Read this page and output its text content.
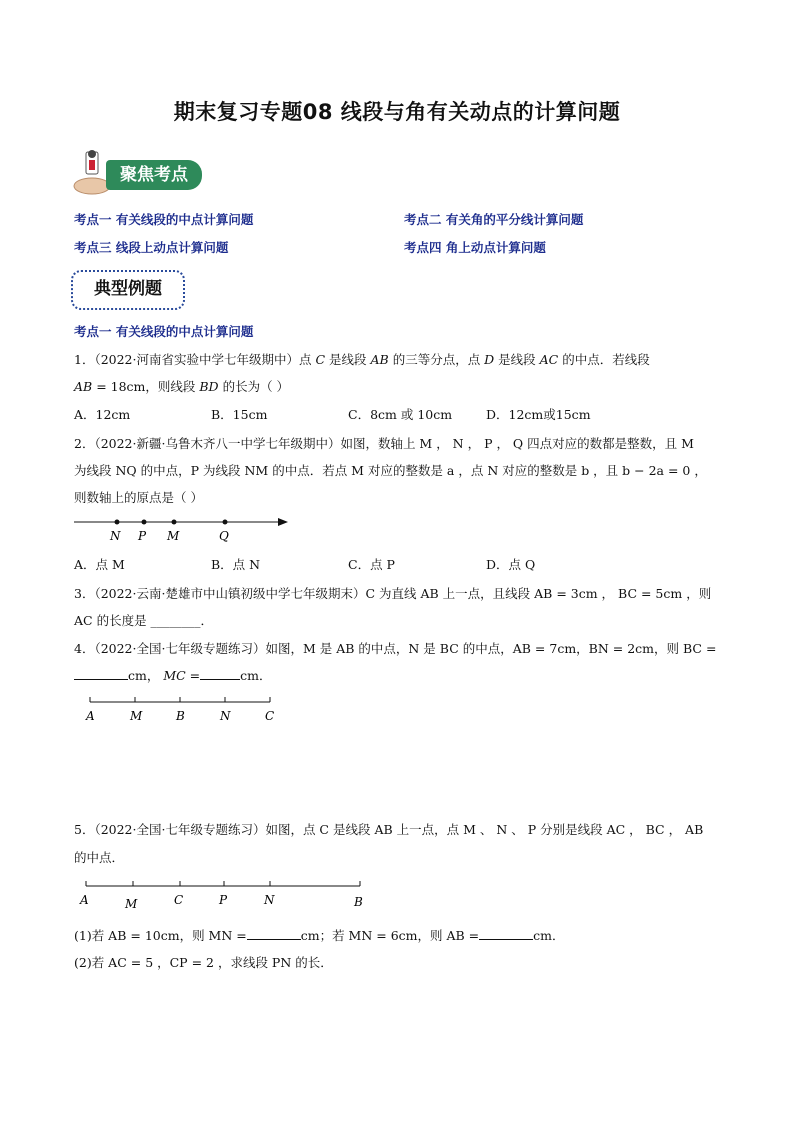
期末复习专题08 线段与角有关动点的计算问题
聚焦考点
考点一 有关线段的中点计算问题	考点二 有关角的平分线计算问题
考点三 线段上动点计算问题	考点四 角上动点计算问题
典型例题
考点一 有关线段的中点计算问题
1．（2022·河南省实验中学七年级期中）点 C 是线段 AB 的三等分点，点 D 是线段 AC 的中点．若线段
AB = 18cm，则线段 BD 的长为（ ）
A．12cm	B．15cm	C．8cm 或 10cm	D．12cm或15cm
2．（2022·新疆·乌鲁木齐八一中学七年级期中）如图，数轴上 M ， N ， P ， Q 四点对应的数都是整数，且 M
为线段 NQ 的中点，P 为线段 NM 的中点．若点 M 对应的整数是 a ，点 N 对应的整数是 b ，且 b − 2a = 0 ，
则数轴上的原点是（ ）
N P M	Q
A．点 M	B．点 N	C．点 P	D．点 Q
3．（2022·云南·楚雄市中山镇初级中学七年级期末）C 为直线 AB 上一点，且线段 AB = 3cm ， BC = 5cm ，则
AC 的长度是 ________．
4．（2022·全国·七年级专题练习）如图，M 是 AB 的中点，N 是 BC 的中点，AB = 7cm，BN = 2cm，则 BC =
cm， MC =	cm．
A	M	B	N	C
5．（2022·全国·七年级专题练习）如图，点 C 是线段 AB 上一点，点 M 、 N 、 P 分别是线段 AC ， BC ， AB
的中点．
A	M	C	P	N	B
(1)若 AB = 10cm，则 MN =	cm；若 MN = 6cm，则 AB =	cm．
(2)若 AC = 5 ，CP = 2 ，求线段 PN 的长．
